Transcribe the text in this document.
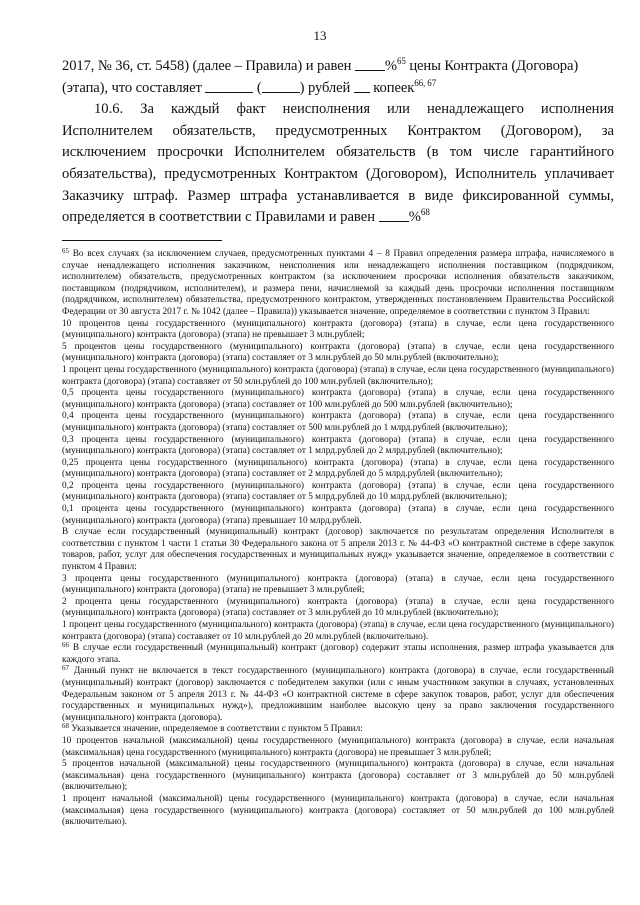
13

2017, № 36, ст. 5458) (далее – Правила) и равен %$^{65}$ цены Контракта (Договора)
(этапа), что составляет	(	) рублей  копеек$^{66, 67}$

10.6. За каждый факт неисполнения или ненадлежащего исполнения Исполнителем обязательств, предусмотренных Контрактом (Договором), за исключением просрочки Исполнителем обязательств (в том числе гарантийного обязательства), предусмотренных Контрактом (Договором), Исполнитель уплачивает Заказчику штраф. Размер штрафа устанавливается в виде фиксированной суммы, определяется в соответствии с Правилами и равен %$^{68}$

$^{65}$ Во всех случаях (за исключением случаев, предусмотренных пунктами 4 – 8 Правил определения размера штрафа, начисляемого в случае ненадлежащего исполнения заказчиком, неисполнения или ненадлежащего исполнения поставщиком (подрядчиком, исполнителем) обязательств, предусмотренных контрактом (за исключением просрочки исполнения обязательств заказчиком, поставщиком (подрядчиком, исполнителем), и размера пени, начисляемой за каждый день просрочки исполнения поставщиком (подрядчиком, исполнителем) обязательства, предусмотренного контрактом, утвержденных постановлением Правительства Российской Федерации от 30 августа 2017 г. № 1042 (далее – Правила)) указывается значение, определяемое в соответствии с пунктом 3 Правил:

10 процентов цены государственного (муниципального) контракта (договора) (этапа) в случае, если цена государственного (муниципального) контракта (договора) (этапа) не превышает 3 млн.рублей;

5 процентов цены государственного (муниципального) контракта (договора) (этапа) в случае, если цена государственного (муниципального) контракта (договора) (этапа) составляет от 3 млн.рублей до 50 млн.рублей (включительно);

1 процент цены государственного (муниципального) контракта (договора) (этапа) в случае, если цена государственного (муниципального) контракта (договора) (этапа) составляет от 50 млн.рублей до 100 млн.рублей (включительно);

0,5 процента цены государственного (муниципального) контракта (договора) (этапа) в случае, если цена государственного (муниципального) контракта (договора) (этапа) составляет от 100 млн.рублей до 500 млн.рублей (включительно);

0,4 процента цены государственного (муниципального) контракта (договора) (этапа) в случае, если цена государственного (муниципального) контракта (договора) (этапа) составляет от 500 млн.рублей до 1 млрд.рублей (включительно);

0,3 процента цены государственного (муниципального) контракта (договора) (этапа) в случае, если цена государственного (муниципального) контракта (договора) (этапа) составляет от 1 млрд.рублей до 2 млрд.рублей (включительно);

0,25 процента цены государственного (муниципального) контракта (договора) (этапа) в случае, если цена государственного (муниципального) контракта (договора) (этапа) составляет от 2 млрд.рублей до 5 млрд.рублей (включительно);

0,2 процента цены государственного (муниципального) контракта (договора) (этапа) в случае, если цена государственного (муниципального) контракта (договора) (этапа) составляет от 5 млрд.рублей до 10 млрд.рублей (включительно);

0,1 процента цены государственного (муниципального) контракта (договора) (этапа) в случае, если цена государственного (муниципального) контракта (договора) (этапа) превышает 10 млрд.рублей.

В случае если государственный (муниципальный) контракт (договор) заключается по результатам определения Исполнителя в соответствии с пунктом 1 части 1 статьи 30 Федерального закона от 5 апреля 2013 г. № 44-ФЗ «О контрактной системе в сфере закупок товаров, работ, услуг для обеспечения государственных и муниципальных нужд» указывается значение, определяемое в соответствии с пунктом 4 Правил:

3 процента цены государственного (муниципального) контракта (договора) (этапа) в случае, если цена государственного (муниципального) контракта (договора) (этапа) не превышает 3 млн.рублей;

2 процента цены государственного (муниципального) контракта (договора) (этапа) в случае, если цена государственного (муниципального) контракта (договора) (этапа) составляет от 3 млн.рублей до 10 млн.рублей (включительно);

1 процент цены государственного (муниципального) контракта (договора) (этапа) в случае, если цена государственного (муниципального) контракта (договора) (этапа) составляет от 10 млн.рублей до 20 млн.рублей (включительно).

$^{66}$ В случае если государственный (муниципальный) контракт (договор) содержит этапы исполнения, размер штрафа указывается для каждого этапа.

$^{67}$ Данный пункт не включается в текст государственного (муниципального) контракта (договора) в случае, если государственный (муниципальный) контракт (договор) заключается с победителем закупки (или с иным участником закупки в случаях, установленных Федеральным законом от 5 апреля 2013 г. № 44-ФЗ «О контрактной системе в сфере закупок товаров, работ, услуг для обеспечения государственных и муниципальных нужд»), предложившим наиболее высокую цену за право заключения государственного (муниципального) контракта (договора).

$^{68}$ Указывается значение, определяемое в соответствии с пунктом 5 Правил:

10 процентов начальной (максимальной) цены государственного (муниципального) контракта (договора) в случае, если начальная (максимальная) цена государственного (муниципального) контракта (договора) не превышает 3 млн.рублей;

5 процентов начальной (максимальной) цены государственного (муниципального) контракта (договора) в случае, если начальная (максимальная) цена государственного (муниципального) контракта (договора) составляет от 3 млн.рублей до 50 млн.рублей (включительно);

1 процент начальной (максимальной) цены государственного (муниципального) контракта (договора) в случае, если начальная (максимальная) цена государственного (муниципального) контракта (договора) составляет от 50 млн.рублей до 100 млн.рублей (включительно).
